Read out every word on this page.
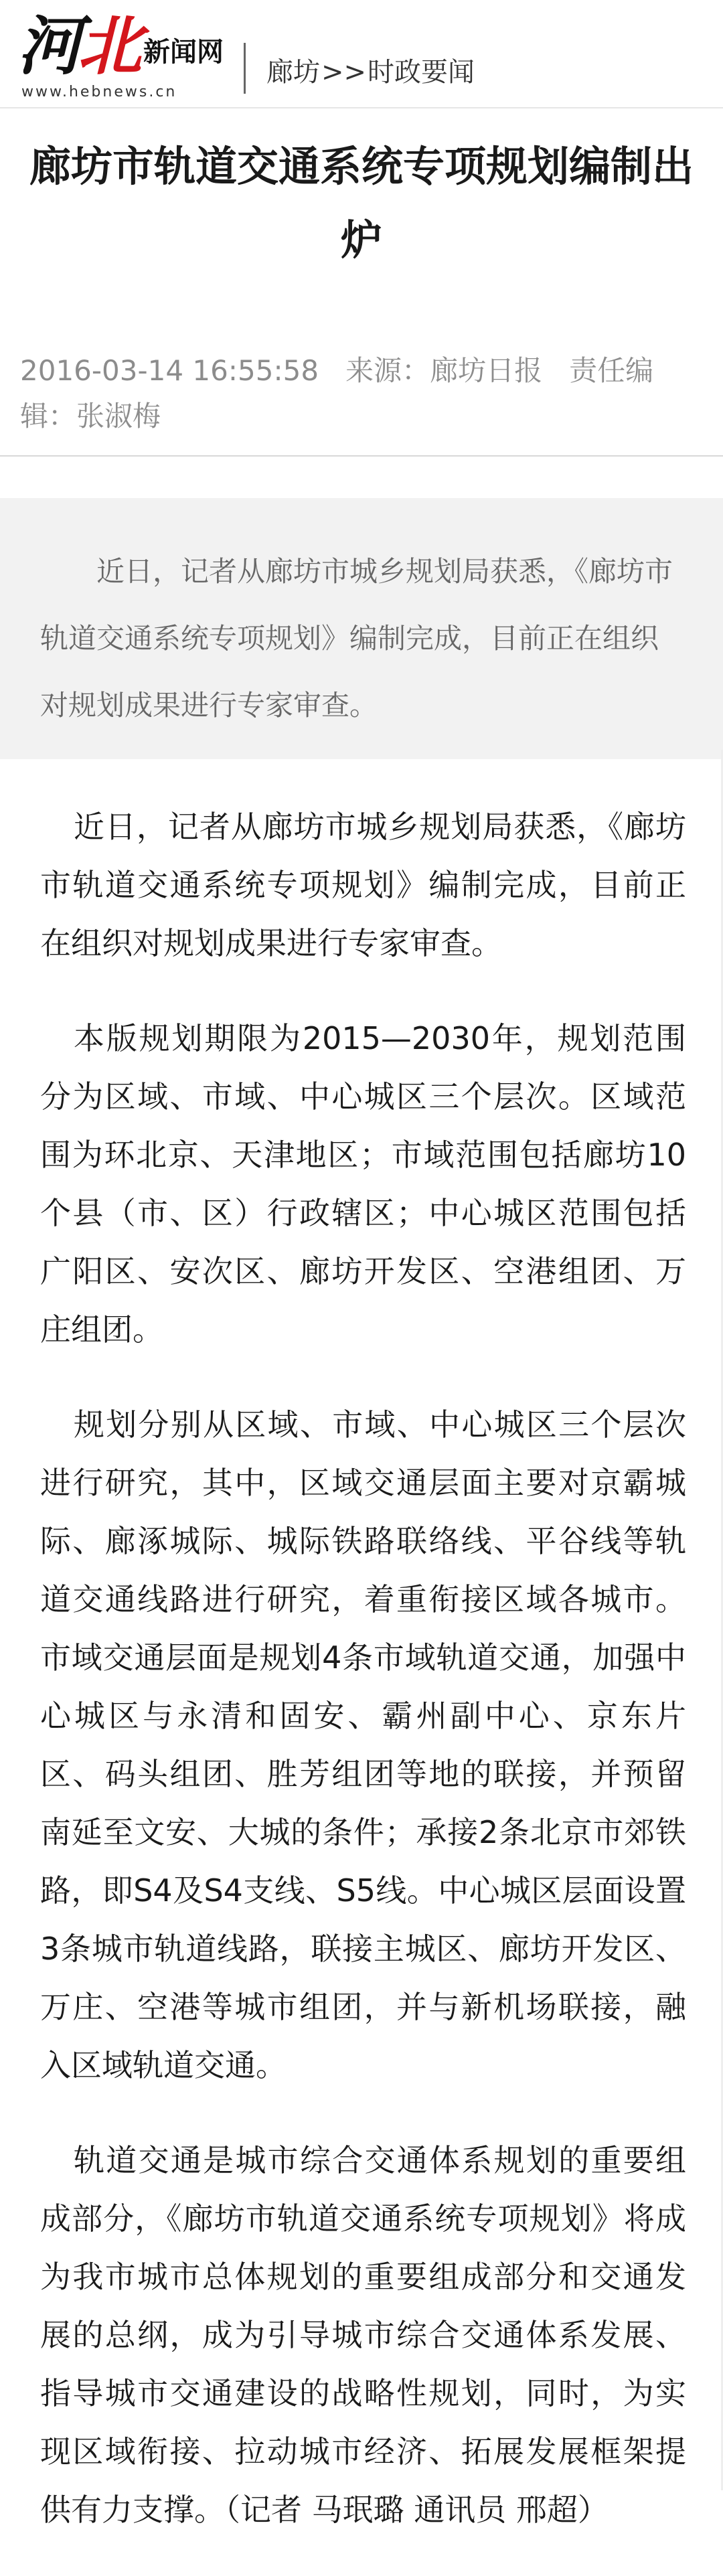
河北 新闻网
www.hebnews.cn
廊坊>>时政要闻
廊坊市轨道交通系统专项规划编制出炉
2016-03-14 16:55:58 来源：廊坊日报 责任编辑：张淑梅
近日，记者从廊坊市城乡规划局获悉，《廊坊市轨道交通系统专项规划》编制完成，目前正在组织对规划成果进行专家审查。

近日，记者从廊坊市城乡规划局获悉，《廊坊市轨道交通系统专项规划》编制完成，目前正在组织对规划成果进行专家审查。

本版规划期限为2015—2030年，规划范围分为区域、市域、中心城区三个层次。区域范围为环北京、天津地区；市域范围包括廊坊10个县（市、区）行政辖区；中心城区范围包括广阳区、安次区、廊坊开发区、空港组团、万庄组团。

规划分别从区域、市域、中心城区三个层次进行研究，其中，区域交通层面主要对京霸城际、廊涿城际、城际铁路联络线、平谷线等轨道交通线路进行研究，着重衔接区域各城市。市域交通层面是规划4条市域轨道交通，加强中心城区与永清和固安、霸州副中心、京东片区、码头组团、胜芳组团等地的联接，并预留南延至文安、大城的条件；承接2条北京市郊铁路，即S4及S4支线、S5线。中心城区层面设置3条城市轨道线路，联接主城区、廊坊开发区、万庄、空港等城市组团，并与新机场联接，融入区域轨道交通。

轨道交通是城市综合交通体系规划的重要组成部分，《廊坊市轨道交通系统专项规划》将成为我市城市总体规划的重要组成部分和交通发展的总纲，成为引导城市综合交通体系发展、指导城市交通建设的战略性规划，同时，为实现区域衔接、拉动城市经济、拓展发展框架提供有力支撑。（记者 马珉璐 通讯员 邢超）
